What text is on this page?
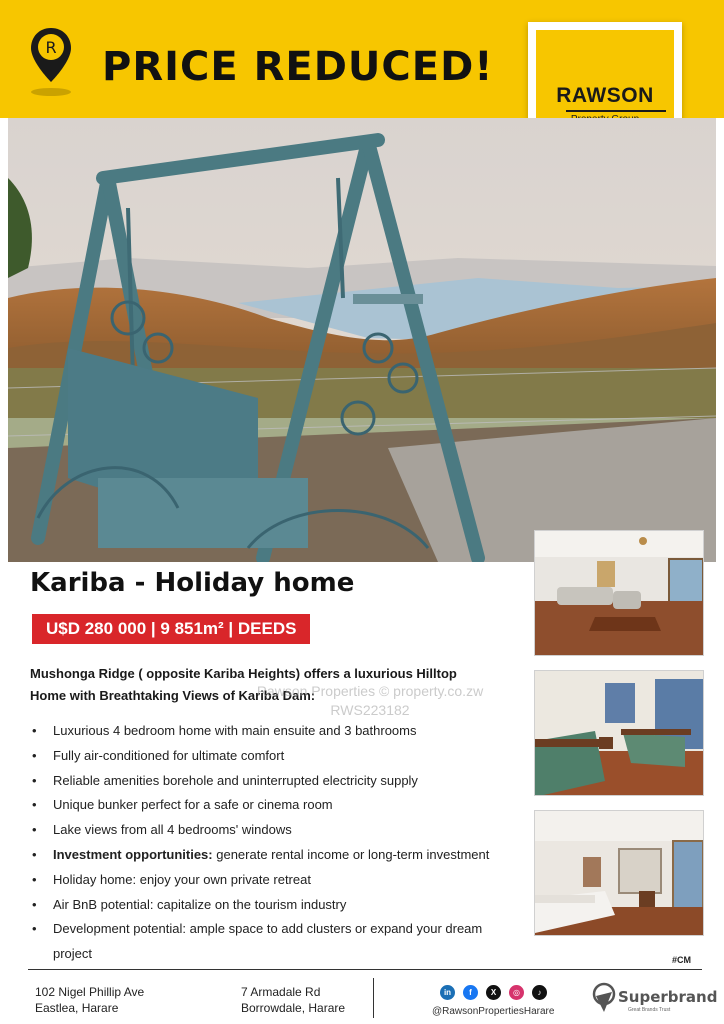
R PRICE REDUCED!
RAWSON
Kariba - Holiday home
U$D 280 000 | 9 851m² | DEEDS
Mushonga Ridge ( opposite Kariba Heights) offers a luxurious Hilltop
Home with Breathtaking Views of Kariba Dam:
Rawson Properties © property.co.zw
RWS223182
• Luxurious 4 bedroom home with main ensuite and 3 bathrooms
• Fully air-conditioned for ultimate comfort
• Reliable amenities borehole and uninterrupted electricity supply
• Unique bunker perfect for a safe or cinema room
• Lake views from all 4 bedrooms' windows
• Investment opportunities: generate rental income or long-term investment
• Holiday home: enjoy your own private retreat
• Air BnB potential: capitalize on the tourism industry
• Development potential: ample space to add clusters or expand your dream
project	#CM
102 Nigel Phillip Ave
Eastlea, Harare
7 Armadale Rd
Borrowdale, Harare
in	f	X	◎	♪
@RawsonPropertiesHarare
Superbrand
Great Brands Trust
